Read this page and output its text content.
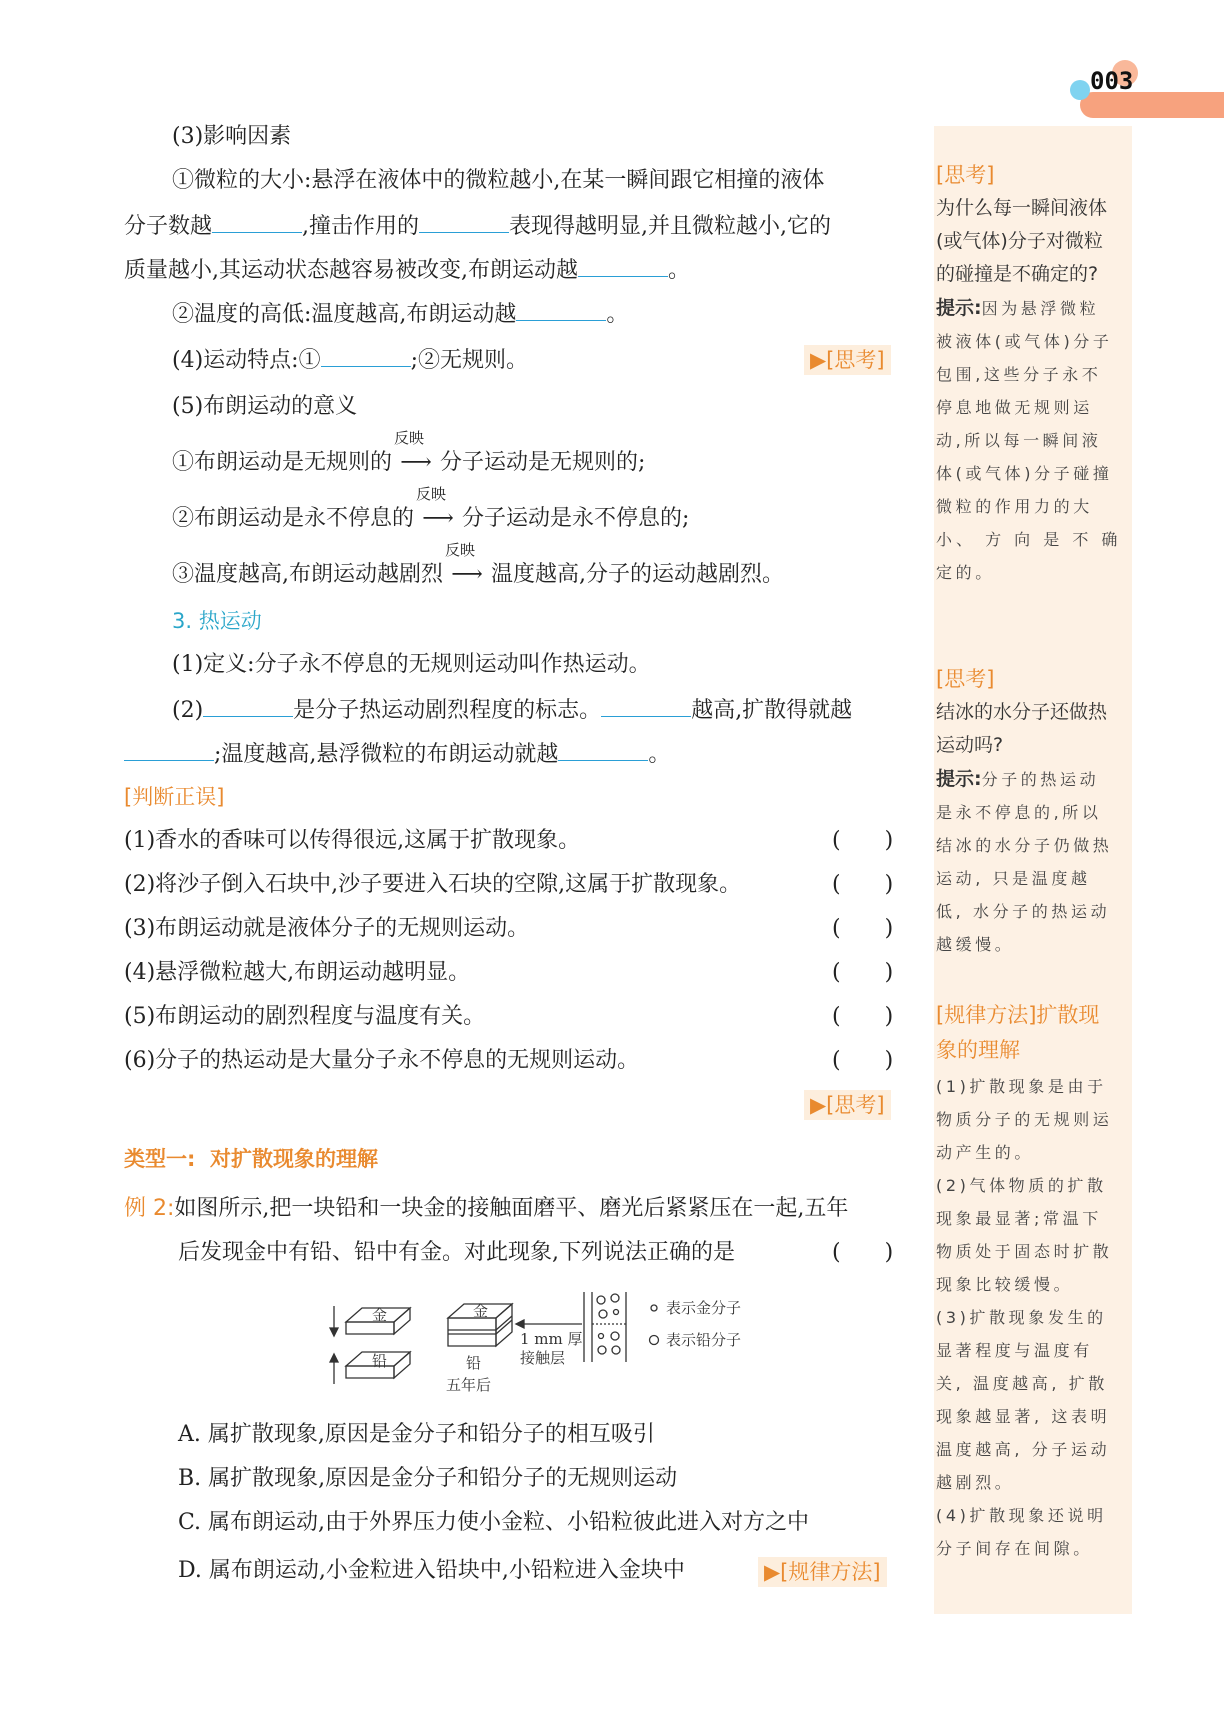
003
(3)影响因素
①微粒的大小:悬浮在液体中的微粒越小,在某一瞬间跟它相撞的液体
分子数越	,撞击作用的	表现得越明显,并且微粒越小,它的
质量越小,其运动状态越容易被改变,布朗运动越	。
②温度的高低:温度越高,布朗运动越	。
(4)运动特点:①	;②无规则。	▶[思考]
(5)布朗运动的意义
①布朗运动是无规则的
反映
⟶ 分子运动是无规则的;
②布朗运动是永不停息的
反映
⟶ 分子运动是永不停息的;
③温度越高,布朗运动越剧烈
反映
⟶ 温度越高,分子的运动越剧烈。
3. 热运动
(1)定义:分子永不停息的无规则运动叫作热运动。
(2)	是分子热运动剧烈程度的标志。	越高,扩散得就越
;温度越高,悬浮微粒的布朗运动就越	。
[判断正误]
(1)香水的香味可以传得很远,这属于扩散现象。	(　　)
(2)将沙子倒入石块中,沙子要进入石块的空隙,这属于扩散现象。	(　　)
(3)布朗运动就是液体分子的无规则运动。	(　　)
(4)悬浮微粒越大,布朗运动越明显。	(　　)
(5)布朗运动的剧烈程度与温度有关。	(　　)
(6)分子的热运动是大量分子永不停息的无规则运动。	(　　)
▶[思考]
类型一: 对扩散现象的理解
例 2:如图所示,把一块铅和一块金的接触面磨平、磨光后紧紧压在一起,五年
后发现金中有铅、铅中有金。对此现象,下列说法正确的是	(　　)
金
铅
金
铅
五年后
1 mm 厚
接触层
表示金分子
表示铅分子
A. 属扩散现象,原因是金分子和铅分子的相互吸引
B. 属扩散现象,原因是金分子和铅分子的无规则运动
C. 属布朗运动,由于外界压力使小金粒、小铅粒彼此进入对方之中
D. 属布朗运动,小金粒进入铅块中,小铅粒进入金块中	▶[规律方法]
[思考]
为什么每一瞬间液体
(或气体)分子对微粒
的碰撞是不确定的?
提示:因为悬浮微粒
被液体(或气体)分子
包围,这些分子永不
停息地做无规则运
动,所以每一瞬间液
体(或气体)分子碰撞
微粒的作用力的大
小、 方 向 是 不 确
定的。
[思考]
结冰的水分子还做热
运动吗?
提示:分子的热运动
是永不停息的,所以
结冰的水分子仍做热
运动, 只是温度越
低, 水分子的热运动
越缓慢。
[规律方法]扩散现
象的理解
(1)扩散现象是由于
物质分子的无规则运
动产生的。
(2)气体物质的扩散
现象最显著;常温下
物质处于固态时扩散
现象比较缓慢。
(3)扩散现象发生的
显著程度与温度有
关, 温度越高, 扩散
现象越显著, 这表明
温度越高, 分子运动
越剧烈。
(4)扩散现象还说明
分子间存在间隙。
